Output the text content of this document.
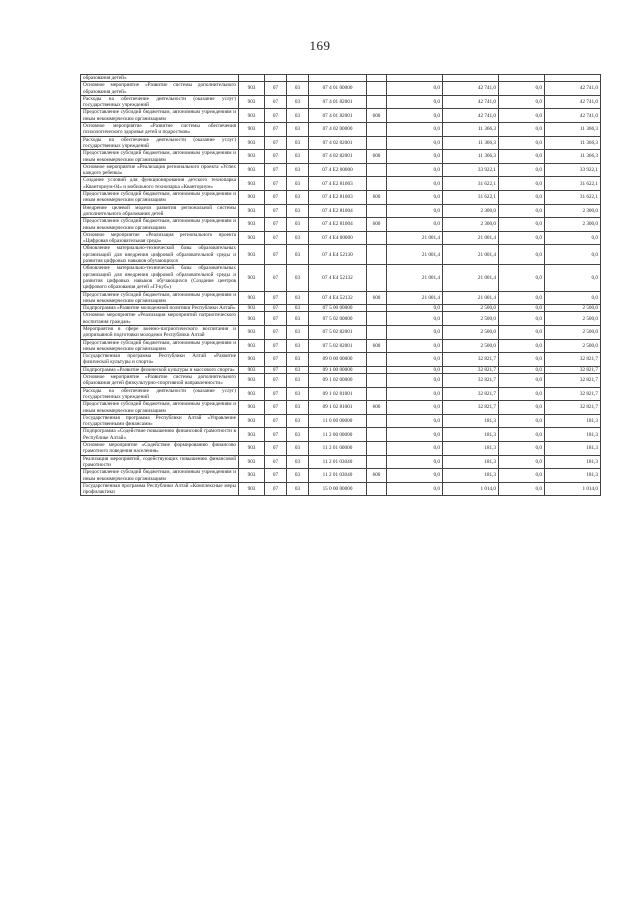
169
образования детей»									
Основное мероприятие «Развитие системы дополнительного образования детей»	903	07	03	07 4 01 00000		0,0	42 741,0	0,0	42 741,0
Расходы на обеспечение деятельности (оказание услуг) государственных учреждений	903	07	03	07 4 01 82001		0,0	42 741,0	0,0	42 741,0
Предоставление субсидий бюджетным, автономным учреждениям и иным некоммерческим организациям	903	07	03	07 4 01 82001	600	0,0	42 741,0	0,0	42 741,0
Основное мероприятие «Развитие системы обеспечения психологического здоровья детей и подростков»	903	07	03	07 4 02 00000		0,0	11 366,3	0,0	11 366,3
Расходы на обеспечение деятельности (оказание услуг) государственных учреждений	903	07	03	07 4 02 82001		0,0	11 366,3	0,0	11 366,3
Предоставление субсидий бюджетным, автономным учреждениям и иным некоммерческим организациям	903	07	03	07 4 02 82001	600	0,0	11 366,3	0,0	11 366,3
Основное мероприятие «Реализация регионального проекта «Успех каждого ребенка»	903	07	03	07 4 E2 00000		0,0	33 922,1	0,0	33 922,1
Создание условий для функционирования детского технопарка «Кванториум-04» и мобильного технопарка «Кванториум»	903	07	03	07 4 E2 81003		0,0	31 622,1	0,0	31 622,1
Предоставление субсидий бюджетным, автономным учреждениям и иным некоммерческим организациям	903	07	03	07 4 E2 81003	600	0,0	31 622,1	0,0	31 622,1
Внедрение целевой модели развития региональной системы дополнительного образования детей	903	07	03	07 4 E2 81004		0,0	2 300,0	0,0	2 300,0
Предоставление субсидий бюджетным, автономным учреждениям и иным некоммерческим организациям	903	07	03	07 4 E2 81004	600	0,0	2 300,0	0,0	2 300,0
Основное мероприятие «Реализация регионального проекта «Цифровая образовательная среда»	903	07	03	07 4 E4 00000		21 001,4	21 001,4	0,0	0,0
Обновление материально-технической базы образовательных организаций для внедрения цифровой образовательной среды и развития цифровых навыков обучающихся	903	07	03	07 4 E4 52130		21 001,4	21 001,4	0,0	0,0
Обновление материально-технической базы образовательных организаций для внедрения цифровой образовательной среды и развития цифровых навыков обучающихся (Создание центров цифрового образования детей «IT-куб»)	903	07	03	07 4 E4 52132		21 001,4	21 001,4	0,0	0,0
Предоставление субсидий бюджетным, автономным учреждениям и иным некоммерческим организациям	903	07	03	07 4 E4 52132	600	21 001,4	21 001,4	0,0	0,0
Подпрограмма «Развитие молодежной политики Республики Алтай»	903	07	03	07 5 00 00000		0,0	2 500,0	0,0	2 500,0
Основное мероприятие «Реализация мероприятий патриотического воспитания граждан»	903	07	03	07 5 02 00000		0,0	2 500,0	0,0	2 500,0
Мероприятия в сфере военно-патриотического воспитания и допризывной подготовки молодежи Республики Алтай	903	07	03	07 5 02 82001		0,0	2 500,0	0,0	2 500,0
Предоставление субсидий бюджетным, автономным учреждениям и иным некоммерческим организациям	903	07	03	07 5 02 82001	600	0,0	2 500,0	0,0	2 500,0
Государственная программа Республики Алтай «Развитие физической культуры и спорта»	903	07	03	09 0 00 00000		0,0	32 821,7	0,0	32 821,7
Подпрограмма «Развитие физической культуры и массового спорта»	903	07	03	09 1 00 00000		0,0	32 821,7	0,0	32 821,7
Основное мероприятие «Развитие системы дополнительного образования детей физкультурно-спортивной направленности»	903	07	03	09 1 02 00000		0,0	32 821,7	0,0	32 821,7
Расходы на обеспечение деятельности (оказание услуг) государственных учреждений	903	07	03	09 1 02 81001		0,0	32 821,7	0,0	32 821,7
Предоставление субсидий бюджетным, автономным учреждениям и иным некоммерческим организациям	903	07	03	09 1 02 81001	600	0,0	32 821,7	0,0	32 821,7
Государственная программа Республики Алтай «Управление государственными финансами»	903	07	03	11 0 00 00000		0,0	181,3	0,0	181,3
Подпрограмма «Содействие повышению финансовой грамотности в Республике Алтай»	903	07	03	11 2 00 00000		0,0	181,3	0,0	181,3
Основное мероприятие «Содействие формированию финансово грамотного поведения населения»	903	07	03	11 2 01 00000		0,0	181,3	0,0	181,3
Реализация мероприятий, содействующих повышению финансовой грамотности	903	07	03	11 2 01 03040		0,0	181,3	0,0	181,3
Предоставление субсидий бюджетным, автономным учреждениям и иным некоммерческим организациям	903	07	03	11 2 01 03040	600	0,0	181,3	0,0	181,3
Государственная программа Республики Алтай «Комплексные меры профилактики	903	07	03	15 0 00 00000		0,0	1 014,0	0,0	1 014,0
